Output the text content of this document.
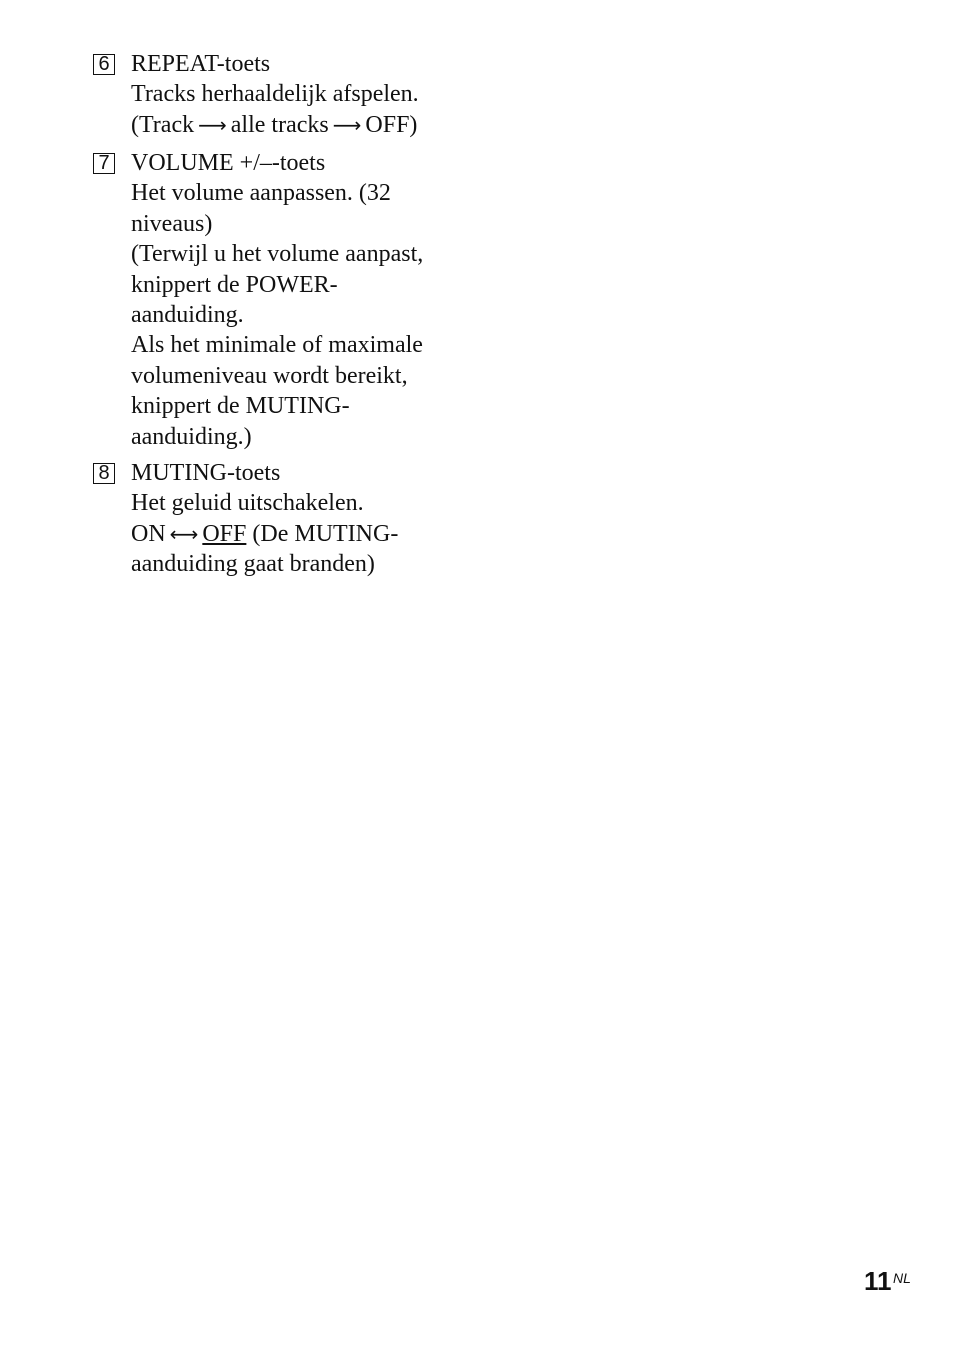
6 REPEAT-toets
Tracks herhaaldelijk afspelen.
(Track ⟶ alle tracks ⟶ OFF)
7 VOLUME +/–-toets
Het volume aanpassen. (32
niveaus)
(Terwijl u het volume aanpast,
knippert de POWER-
aanduiding.
Als het minimale of maximale
volumeniveau wordt bereikt,
knippert de MUTING-
aanduiding.)
8 MUTING-toets
Het geluid uitschakelen.
ON ⟷ OFF (De MUTING-
aanduiding gaat branden)
11 NL
